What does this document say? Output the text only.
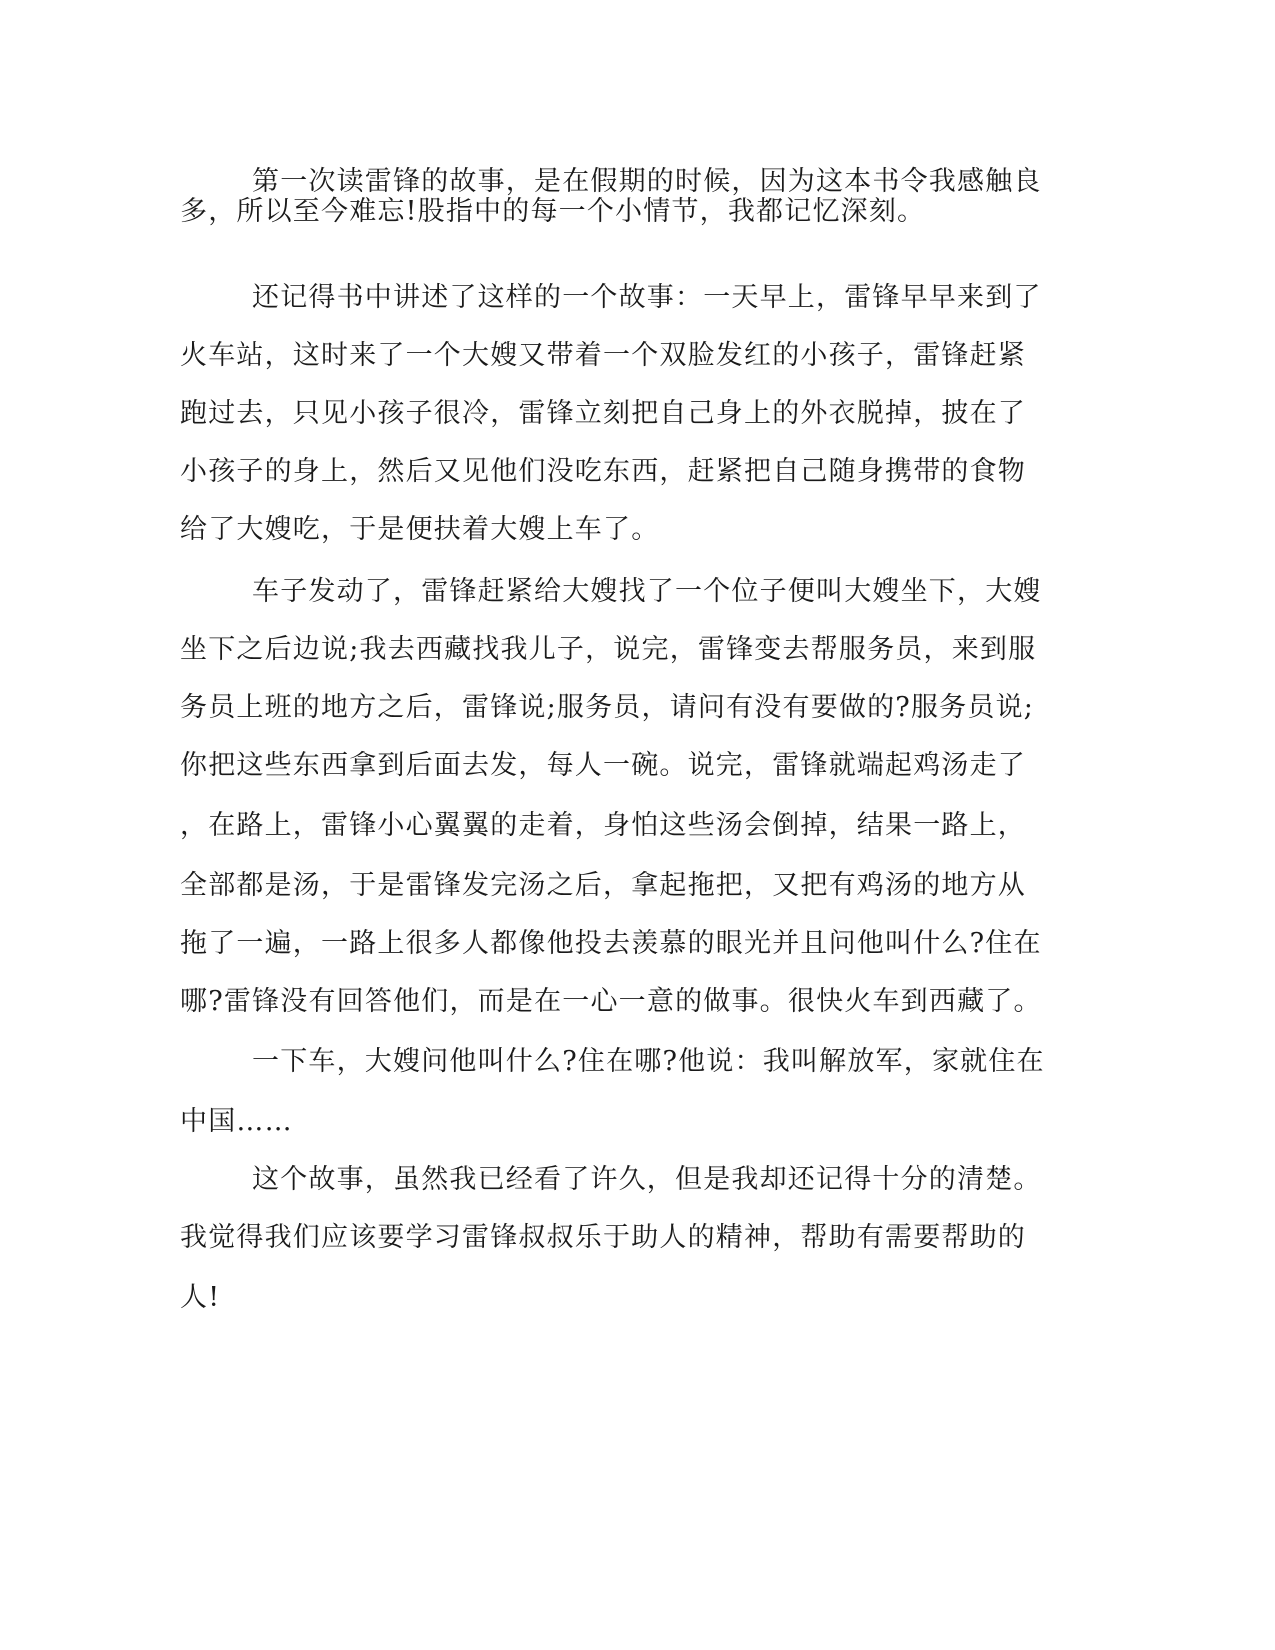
第一次读雷锋的故事，是在假期的时候，因为这本书令我感触良
多，所以至今难忘!股指中的每一个小情节，我都记忆深刻。
还记得书中讲述了这样的一个故事：一天早上，雷锋早早来到了
火车站，这时来了一个大嫂又带着一个双脸发红的小孩子，雷锋赶紧
跑过去，只见小孩子很冷，雷锋立刻把自己身上的外衣脱掉，披在了
小孩子的身上，然后又见他们没吃东西，赶紧把自己随身携带的食物
给了大嫂吃，于是便扶着大嫂上车了。
车子发动了，雷锋赶紧给大嫂找了一个位子便叫大嫂坐下，大嫂
坐下之后边说;我去西藏找我儿子，说完，雷锋变去帮服务员，来到服
务员上班的地方之后，雷锋说;服务员，请问有没有要做的?服务员说;
你把这些东西拿到后面去发，每人一碗。说完，雷锋就端起鸡汤走了
，在路上，雷锋小心翼翼的走着，身怕这些汤会倒掉，结果一路上，
全部都是汤，于是雷锋发完汤之后，拿起拖把，又把有鸡汤的地方从
拖了一遍，一路上很多人都像他投去羡慕的眼光并且问他叫什么?住在
哪?雷锋没有回答他们，而是在一心一意的做事。很快火车到西藏了。
一下车，大嫂问他叫什么?住在哪?他说：我叫解放军，家就住在
中国……
这个故事，虽然我已经看了许久，但是我却还记得十分的清楚。
我觉得我们应该要学习雷锋叔叔乐于助人的精神，帮助有需要帮助的
人!
